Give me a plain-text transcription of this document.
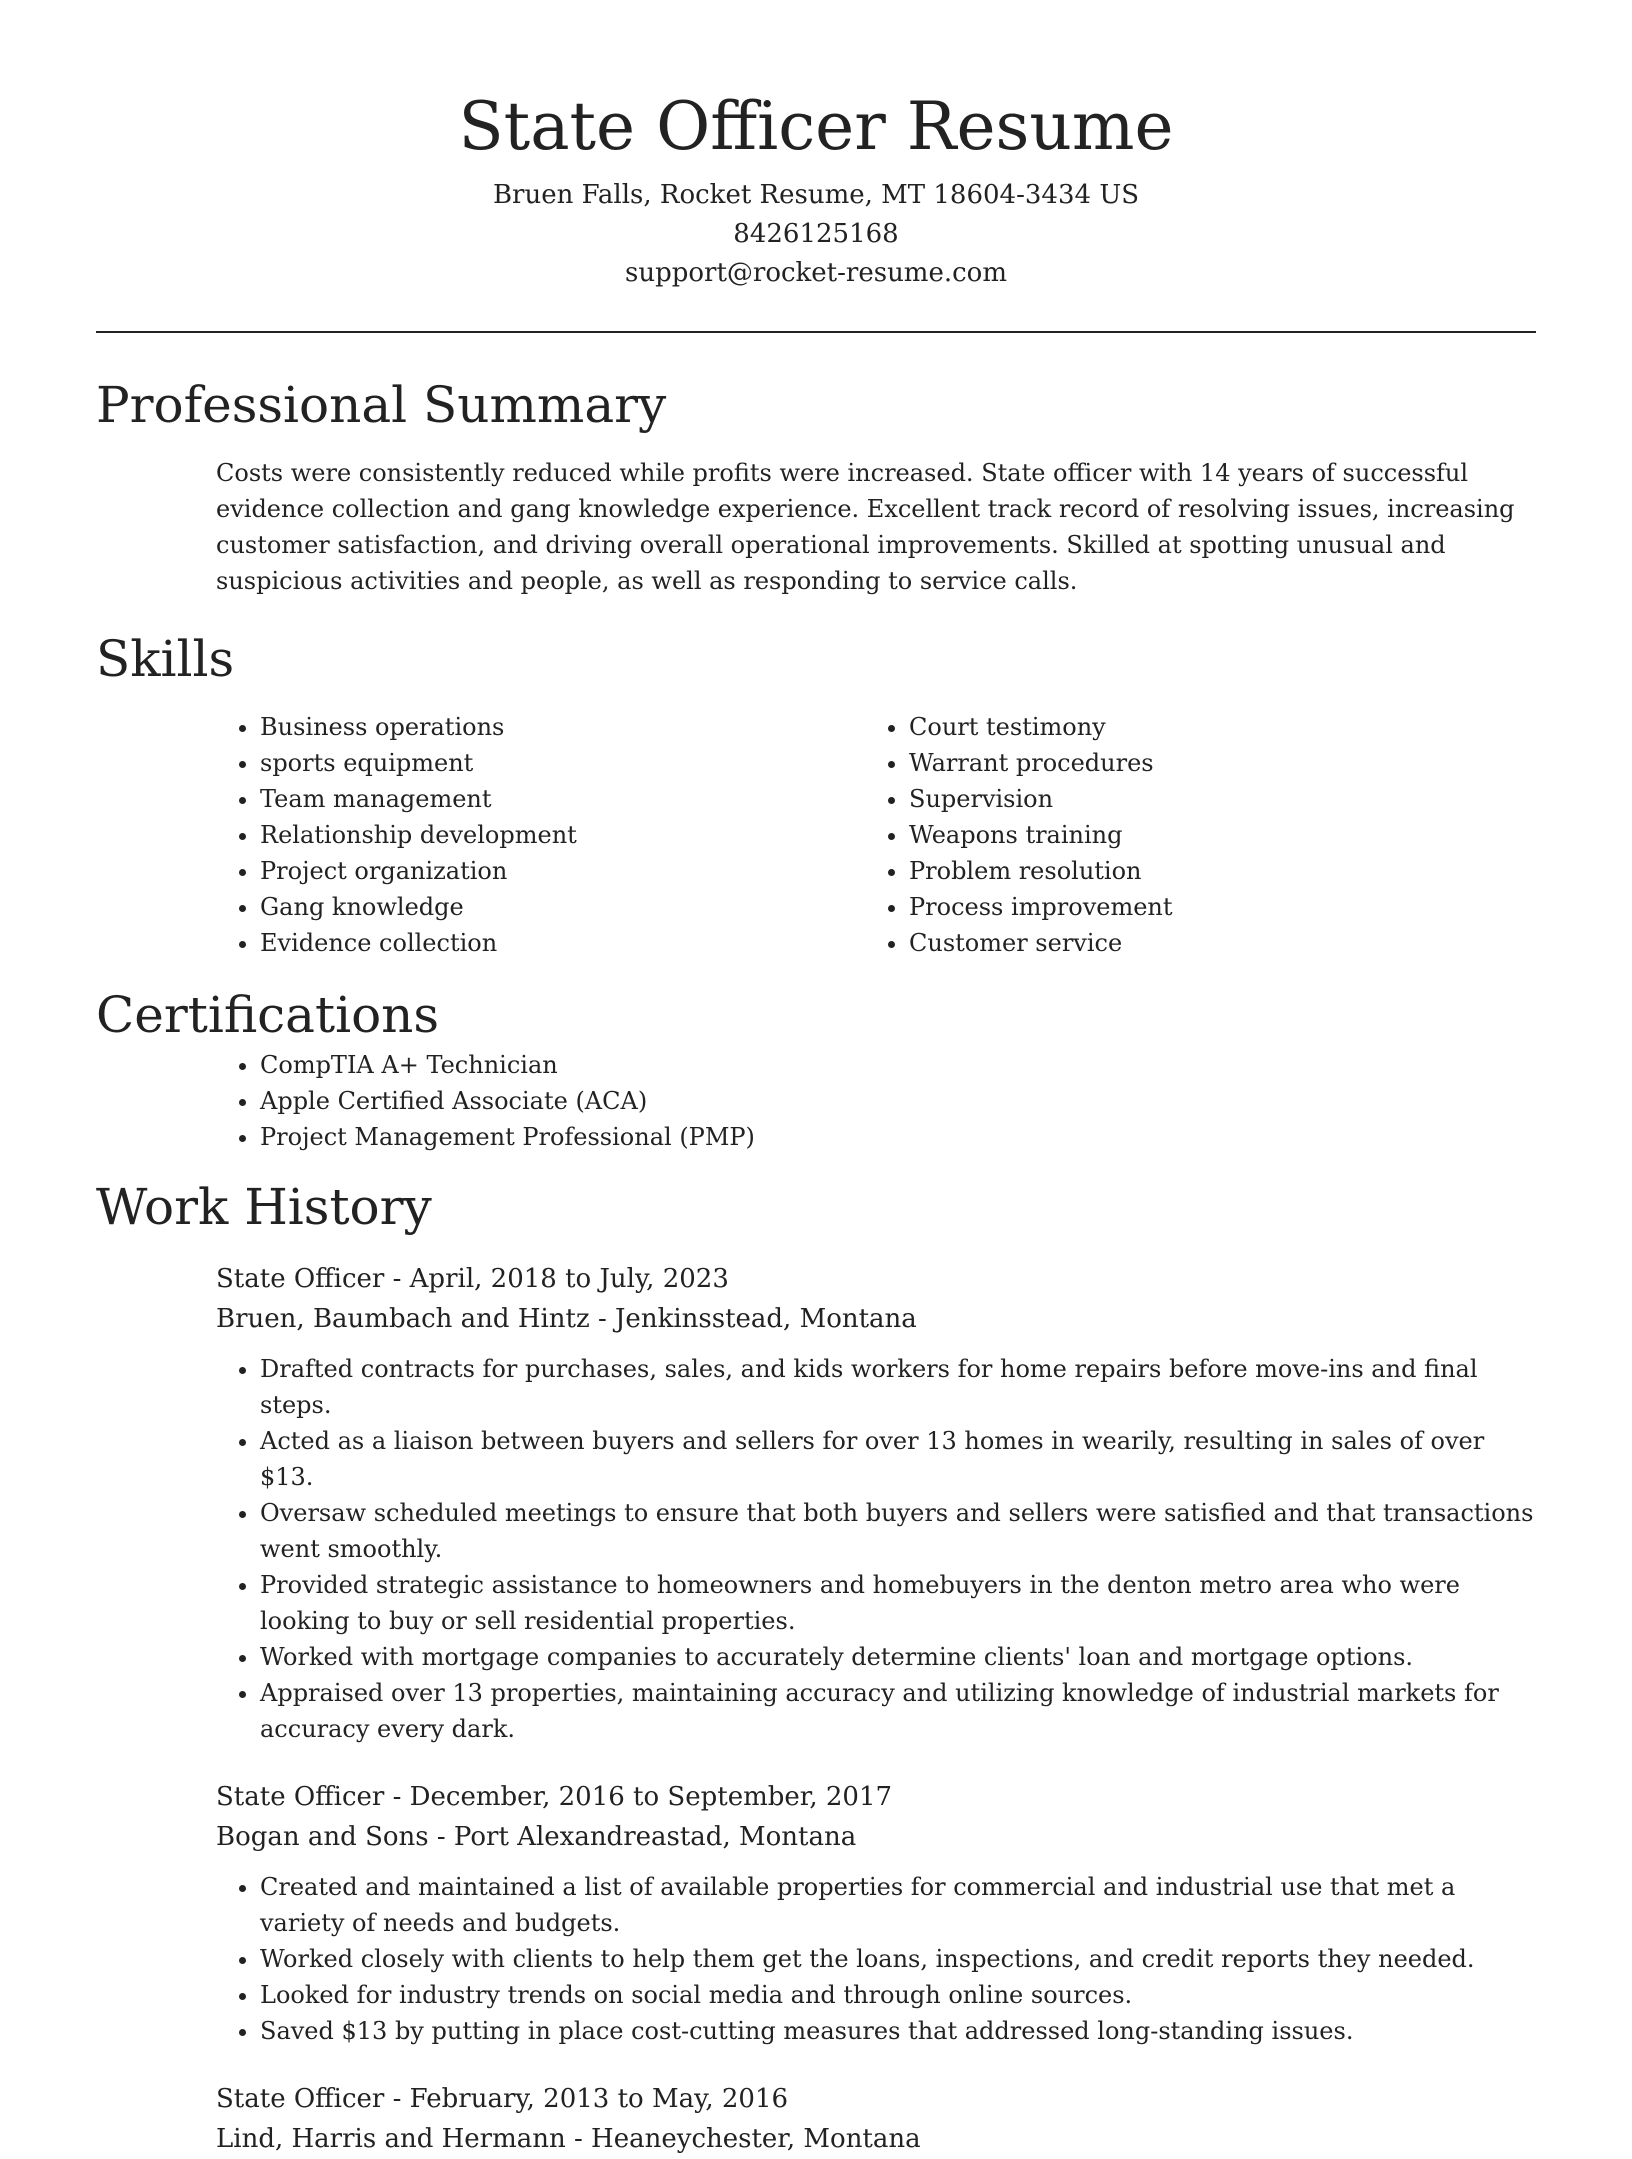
State Officer Resume
Bruen Falls, Rocket Resume, MT 18604-3434 US
8426125168
support@rocket-resume.com
Professional Summary

Costs were consistently reduced while profits were increased. State officer with 14 years of successful evidence collection and gang knowledge experience. Excellent track record of resolving issues, increasing customer satisfaction, and driving overall operational improvements. Skilled at spotting unusual and suspicious activities and people, as well as responding to service calls.

Skills
• Business operations
• sports equipment
• Team management
• Relationship development
• Project organization
• Gang knowledge
• Evidence collection
• Court testimony
• Warrant procedures
• Supervision
• Weapons training
• Problem resolution
• Process improvement
• Customer service
Certifications
• CompTIA A+ Technician
• Apple Certified Associate (ACA)
• Project Management Professional (PMP)
Work History
State Officer - April, 2018 to July, 2023
Bruen, Baumbach and Hintz - Jenkinsstead, Montana
• Drafted contracts for purchases, sales, and kids workers for home repairs before move-ins and final steps.
• Acted as a liaison between buyers and sellers for over 13 homes in wearily, resulting in sales of over $13.
• Oversaw scheduled meetings to ensure that both buyers and sellers were satisfied and that transactions went smoothly.
• Provided strategic assistance to homeowners and homebuyers in the denton metro area who were looking to buy or sell residential properties.
• Worked with mortgage companies to accurately determine clients' loan and mortgage options.
• Appraised over 13 properties, maintaining accuracy and utilizing knowledge of industrial markets for accuracy every dark.
State Officer - December, 2016 to September, 2017
Bogan and Sons - Port Alexandreastad, Montana
• Created and maintained a list of available properties for commercial and industrial use that met a variety of needs and budgets.
• Worked closely with clients to help them get the loans, inspections, and credit reports they needed.
• Looked for industry trends on social media and through online sources.
• Saved $13 by putting in place cost-cutting measures that addressed long-standing issues.
State Officer - February, 2013 to May, 2016
Lind, Harris and Hermann - Heaneychester, Montana
